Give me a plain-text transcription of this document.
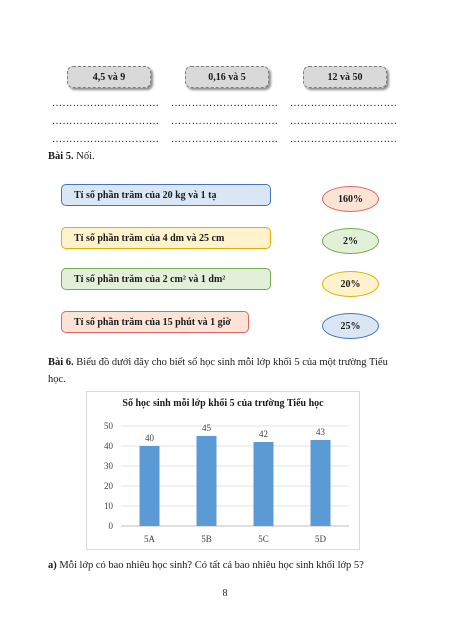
4,5 và 9	0,16 và 5	12 và 50
…………………………. …………………………. ………………………….
…………………………. …………………………. ………………………….
…………………………. …………………………. ………………………….
Bài 5. Nối.
Tỉ số phần trăm của 20 kg và 1 tạ
Tỉ số phần trăm của 4 dm và 25 cm
Tỉ số phần trăm của 2 cm² và 1 dm²
Tỉ số phần trăm của 15 phút và 1 giờ
160%
2%
20%
25%
Bài 6. Biểu đồ dưới đây cho biết số học sinh mỗi lớp khối 5 của một trường Tiểu
học.
Số học sinh mỗi lớp khối 5 của trường Tiểu học
0
10
20
30
40
50
40
5A
45
5B
42
5C
43
5D
a) Mỗi lớp có bao nhiêu học sinh? Có tất cả bao nhiêu học sinh khối lớp 5?
8
